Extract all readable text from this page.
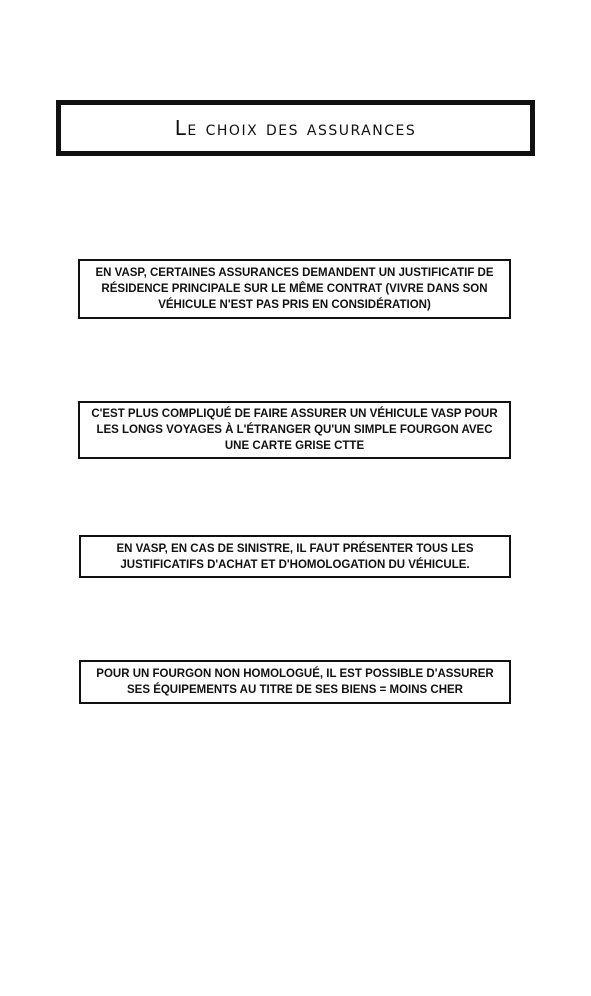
Le choix des assurances
EN VASP, CERTAINES ASSURANCES DEMANDENT UN JUSTIFICATIF DE RÉSIDENCE PRINCIPALE SUR LE MÊME CONTRAT (VIVRE DANS SON VÉHICULE N'EST PAS PRIS EN CONSIDÉRATION)
C'EST PLUS COMPLIQUÉ DE FAIRE ASSURER UN VÉHICULE VASP POUR LES LONGS VOYAGES À L'ÉTRANGER QU'UN SIMPLE FOURGON AVEC UNE CARTE GRISE CTTE
EN VASP, EN CAS DE SINISTRE, IL FAUT PRÉSENTER TOUS LES JUSTIFICATIFS D'ACHAT ET D'HOMOLOGATION DU VÉHICULE.
POUR UN FOURGON NON HOMOLOGUÉ, IL EST POSSIBLE D'ASSURER SES ÉQUIPEMENTS AU TITRE DE SES BIENS = MOINS CHER
